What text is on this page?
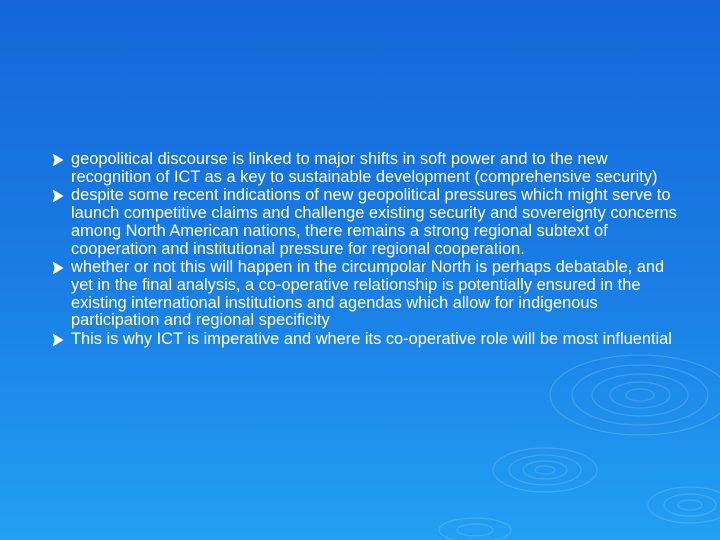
geopolitical discourse is linked to major shifts in soft power and to the new recognition of ICT as a key to sustainable development (comprehensive security)
despite some recent indications of new geopolitical pressures which might serve to launch competitive claims and challenge existing security and sovereignty concerns among North American nations, there remains a strong regional subtext of cooperation and institutional pressure for regional cooperation.
whether or not this will happen in the circumpolar North is perhaps debatable, and yet in the final analysis, a co-operative relationship is potentially ensured in the existing international institutions and agendas which allow for indigenous participation and regional specificity
This is why ICT is imperative and where its co-operative role will be most influential
